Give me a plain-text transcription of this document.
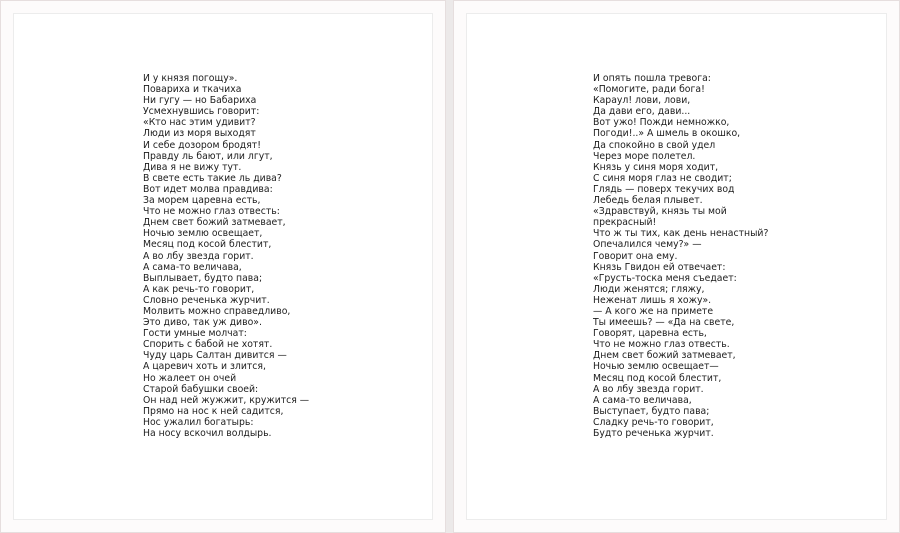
И у князя погощу».
Повариха и ткачиха
Ни гугу — но Бабариха
Усмехнувшись говорит:
«Кто нас этим удивит?
Люди из моря выходят
И себе дозором бродят!
Правду ль бают, или лгут,
Дива я не вижу тут.
В свете есть такие ль дива?
Вот идет молва правдива:
За морем царевна есть,
Что не можно глаз отвесть:
Днем свет божий затмевает,
Ночью землю освещает,
Месяц под косой блестит,
А во лбу звезда горит.
А сама-то величава,
Выплывает, будто пава;
А как речь-то говорит,
Словно реченька журчит.
Молвить можно справедливо,
Это диво, так уж диво».
Гости умные молчат:
Спорить с бабой не хотят.
Чуду царь Салтан дивится —
А царевич хоть и злится,
Но жалеет он очей
Старой бабушки своей:
Он над ней жужжит, кружится —
Прямо на нос к ней садится,
Нос ужалил богатырь:
На носу вскочил волдырь.
И опять пошла тревога:
«Помогите, ради бога!
Караул! лови, лови,
Да дави его, дави...
Вот ужо! Пожди немножко,
Погоди!..» А шмель в окошко,
Да спокойно в свой удел
Через море полетел.
Князь у синя моря ходит,
С синя моря глаз не сводит;
Глядь — поверх текучих вод
Лебедь белая плывет.
«Здравствуй, князь ты мой
прекрасный!
Что ж ты тих, как день ненастный?
Опечалился чему?» —
Говорит она ему.
Князь Гвидон ей отвечает:
«Грусть-тоска меня съедает:
Люди женятся; гляжу,
Неженат лишь я хожу».
— А кого же на примете
Ты имеешь? — «Да на свете,
Говорят, царевна есть,
Что не можно глаз отвесть.
Днем свет божий затмевает,
Ночью землю освещает—
Месяц под косой блестит,
А во лбу звезда горит.
А сама-то величава,
Выступает, будто пава;
Сладку речь-то говорит,
Будто реченька журчит.
